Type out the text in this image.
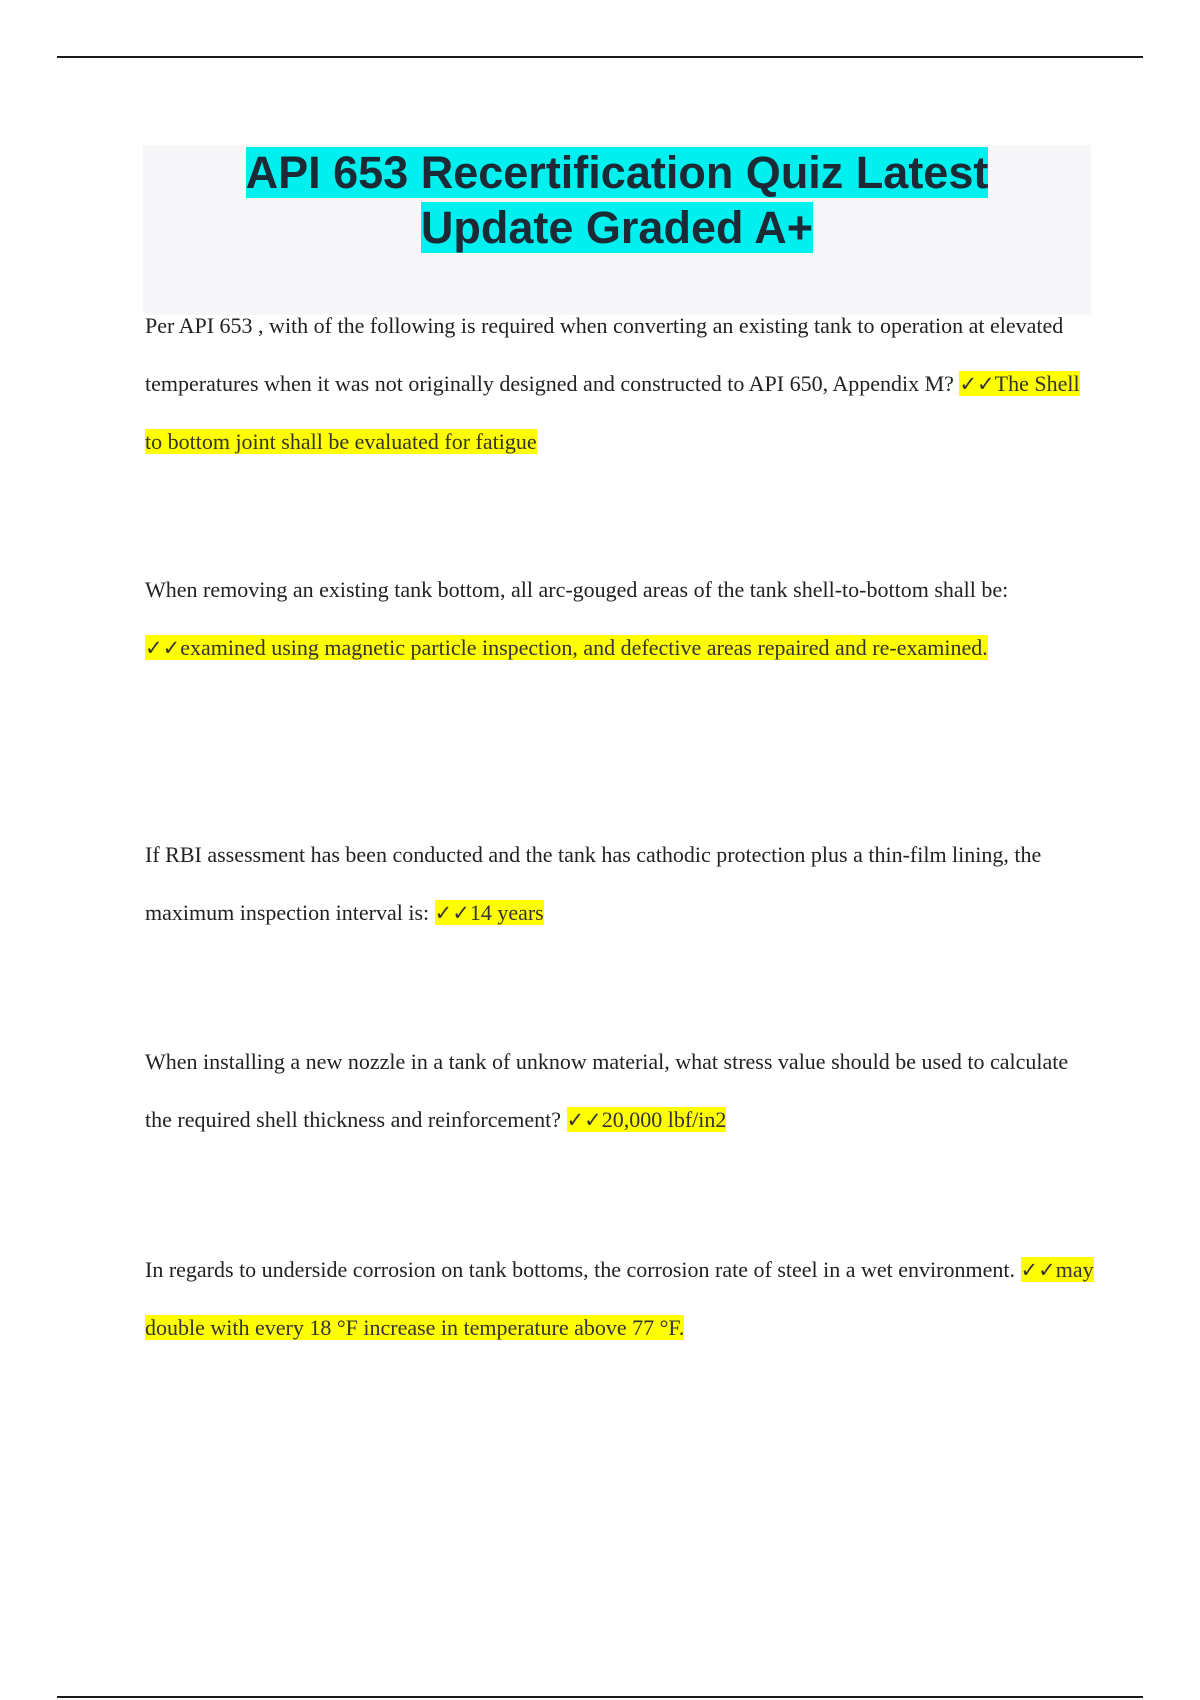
API 653 Recertification Quiz Latest Update Graded A+

Per API 653 , with of the following is required when converting an existing tank to operation at elevated temperatures when it was not originally designed and constructed to API 650, Appendix M? ✓✓The Shell to bottom joint shall be evaluated for fatigue

When removing an existing tank bottom, all arc-gouged areas of the tank shell-to-bottom shall be: ✓✓examined using magnetic particle inspection, and defective areas repaired and re-examined.

If RBI assessment has been conducted and the tank has cathodic protection plus a thin-film lining, the maximum inspection interval is: ✓✓14 years

When installing a new nozzle in a tank of unknow material, what stress value should be used to calculate the required shell thickness and reinforcement? ✓✓20,000 lbf/in2

In regards to underside corrosion on tank bottoms, the corrosion rate of steel in a wet environment. ✓✓may double with every 18 °F increase in temperature above 77 °F.
